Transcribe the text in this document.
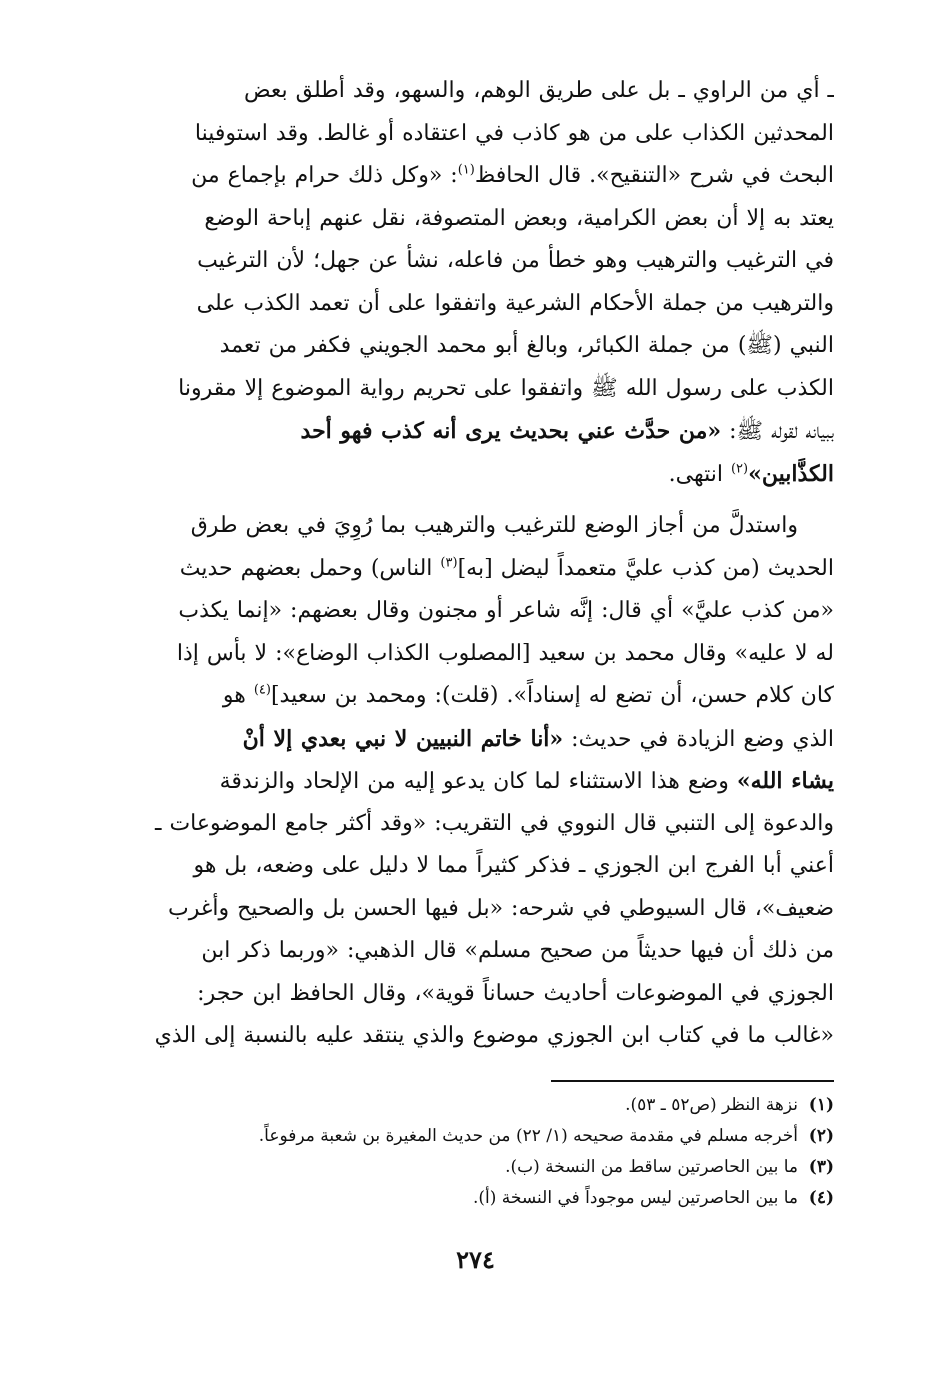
ـ أي من الراوي ـ بل على طريق الوهم، والسهو، وقد أطلق بعض
المحدثين الكذاب على من هو كاذب في اعتقاده أو غالط. وقد استوفينا
البحث في شرح «التنقيح». قال الحافظ$^{(١)}$: «وكل ذلك حرام بإجماع من
يعتد به إلا أن بعض الكرامية، وبعض المتصوفة، نقل عنهم إباحة الوضع
في الترغيب والترهيب وهو خطأ من فاعله، نشأ عن جهل؛ لأن الترغيب
والترهيب من جملة الأحكام الشرعية واتفقوا على أن تعمد الكذب على
النبي (ﷺ) من جملة الكبائر، وبالغ أبو محمد الجويني فكفر من تعمد
الكذب على رسول الله ﷺ واتفقوا على تحريم رواية الموضوع إلا مقرونا
ببيانه لقوله ﷺ: «من حدَّث عني بحديث يرى أنه كذب فهو أحد
الكذَّابين»$^{(٢)}$ انتهى.
واستدلَّ من أجاز الوضع للترغيب والترهيب بما رُوِيَ في بعض طرق
الحديث (من كذب عليَّ متعمداً ليضل [به]$^{(٣)}$ الناس) وحمل بعضهم حديث
«من كذب عليَّ» أي قال: إنَّه شاعر أو مجنون وقال بعضهم: «إنما يكذب
له لا عليه» وقال محمد بن سعيد [المصلوب الكذاب الوضاع»: لا بأس إذا
كان كلام حسن، أن تضع له إسناداً». (قلت): ومحمد بن سعيد]$^{(٤)}$ هو
الذي وضع الزيادة في حديث: «أنا خاتم النبيين لا نبي بعدي إلا أنْ
يشاء الله» وضع هذا الاستثناء لما كان يدعو إليه من الإلحاد والزندقة
والدعوة إلى التنبي قال النووي في التقريب: «وقد أكثر جامع الموضوعات ـ
أعني أبا الفرج ابن الجوزي ـ فذكر كثيراً مما لا دليل على وضعه، بل هو
ضعيف»، قال السيوطي في شرحه: «بل فيها الحسن بل والصحيح وأغرب
من ذلك أن فيها حديثاً من صحيح مسلم» قال الذهبي: «وربما ذكر ابن
الجوزي في الموضوعات أحاديث حساناً قوية»، وقال الحافظ ابن حجر:
«غالب ما في كتاب ابن الجوزي موضوع والذي ينتقد عليه بالنسبة إلى الذي
(١)
نزهة النظر (ص٥٢ ـ ٥٣).
(٢)
أخرجه مسلم في مقدمة صحيحه (١/ ٢٢) من حديث المغيرة بن شعبة مرفوعاً.
(٣)
ما بين الحاصرتين ساقط من النسخة (ب).
(٤)
ما بين الحاصرتين ليس موجوداً في النسخة (أ).
٢٧٤
